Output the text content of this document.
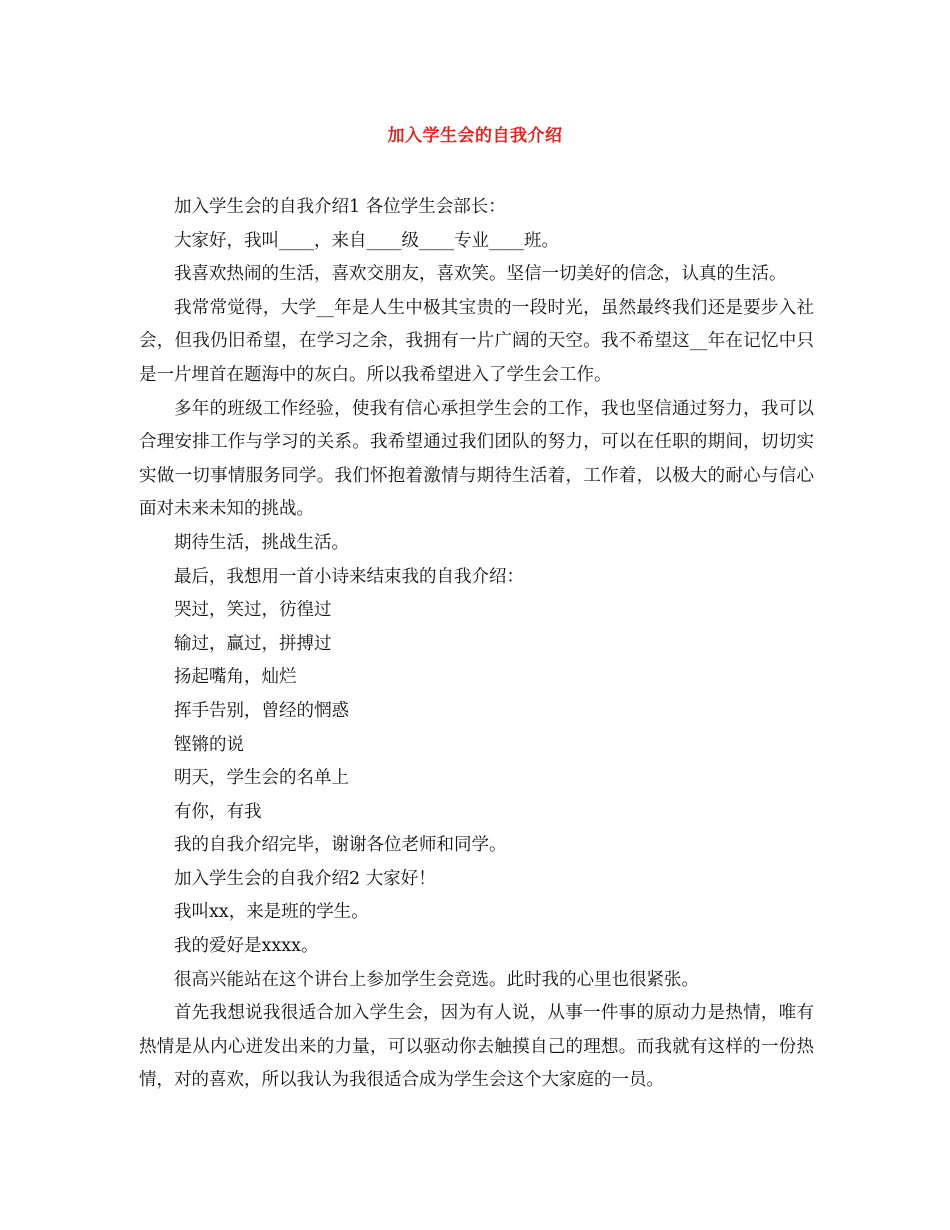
加入学生会的自我介绍

加入学生会的自我介绍1 各位学生会部长：

大家好，我叫____，来自____级____专业____班。

我喜欢热闹的生活，喜欢交朋友，喜欢笑。坚信一切美好的信念，认真的生活。

我常常觉得，大学__年是人生中极其宝贵的一段时光，虽然最终我们还是要步入社会，但我仍旧希望，在学习之余，我拥有一片广阔的天空。我不希望这__年在记忆中只是一片埋首在题海中的灰白。所以我希望进入了学生会工作。

多年的班级工作经验，使我有信心承担学生会的工作，我也坚信通过努力，我可以合理安排工作与学习的关系。我希望通过我们团队的努力，可以在任职的期间，切切实实做一切事情服务同学。我们怀抱着激情与期待生活着，工作着，以极大的耐心与信心面对未来未知的挑战。

期待生活，挑战生活。

最后，我想用一首小诗来结束我的自我介绍：

哭过，笑过，彷徨过

输过，赢过，拼搏过

扬起嘴角，灿烂

挥手告别，曾经的惘惑

铿锵的说

明天，学生会的名单上

有你，有我

我的自我介绍完毕，谢谢各位老师和同学。

加入学生会的自我介绍2 大家好！

我叫xx，来是班的学生。

我的爱好是xxxx。

很高兴能站在这个讲台上参加学生会竞选。此时我的心里也很紧张。

首先我想说我很适合加入学生会，因为有人说，从事一件事的原动力是热情，唯有热情是从内心迸发出来的力量，可以驱动你去触摸自己的理想。而我就有这样的一份热情，对的喜欢，所以我认为我很适合成为学生会这个大家庭的一员。
